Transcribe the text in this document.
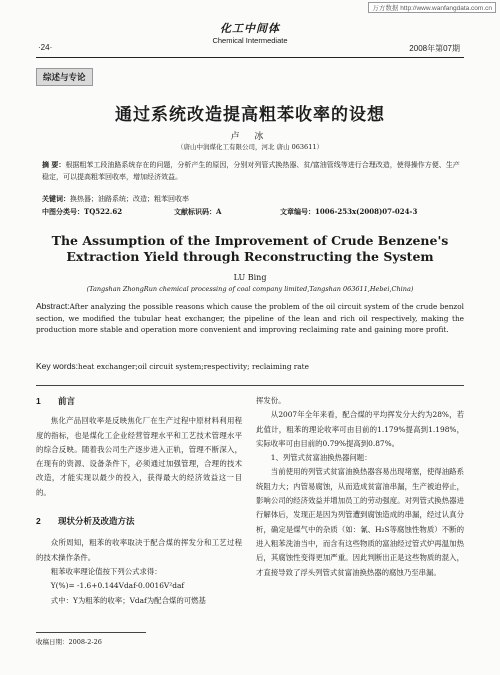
万方数据 http://www.wanfangdata.com.cn
化工中间体
Chemical Intermediate
·24·	2008年第07期
综述与专论
通过系统改造提高粗苯收率的设想
卢 冰
（唐山中润煤化工有限公司，河北 唐山 063611）
摘 要：根据粗苯工段油路系统存在的问题，分析产生的原因，分别对列管式换热器、贫/富油管线等进行合理改造，使得操作方便、生产稳定，可以提高粗苯回收率，增加经济效益。
关键词：换热器；油路系统；改造；粗苯回收率
中图分类号：TQ522.62	文献标识码：A	文章编号：1006-253x(2008)07-024-3
The Assumption of the Improvement of Crude Benzene's Extraction Yield through Reconstructing the System
LU Bing
(Tangshan ZhongRun chemical processing of coal company limited,Tangshan 063611,Hebei,China)
Abstract:After analyzing the possible reasons which cause the problem of the oil circuit system of the crude benzol section, we modified the tubular heat exchanger, the pipeline of the lean and rich oil respectively, making the production more stable and operation more convenient and improving reclaiming rate and gaining more profit.
Key words:heat exchanger;oil circuit system;respectivity; reclaiming rate
1 前言

焦化产品回收率是反映焦化厂在生产过程中原材料利用程度的指标，也是煤化工企业经营管理水平和工艺技术管理水平的综合反映。随着我公司生产逐步进入正轨，管理不断深入，在现有的资源、设备条件下，必须通过加强管理，合理的技术改造，才能实现以最少的投入，获得最大的经济效益这一目的。

2 现状分析及改造方法

众所周知，粗苯的收率取决于配合煤的挥发分和工艺过程的技术操作条件。

粗苯收率理论值按下列公式求得：

Y(%)= -1.6+0.144Vdaf-0.0016V²daf

式中：Y为粗苯的收率；Vdaf为配合煤的可燃基

挥发份。

从2007年全年来看，配合煤的平均挥发分大约为28%，若此值计，粗苯的理论收率可由目前的1.179%提高到1.198%，实际收率可由目前的0.79%提高到0.87%。

1、列管式贫富油换热器问题：

当前使用的列管式贫富油换热器容易出现堵塞，使得油路系统阻力大；内管易腐蚀，从而造成贫富油串漏，生产被迫停止，影响公司的经济效益并增加员工的劳动强度。对列管式换热器进行解体后，发现正是因为列管遭到腐蚀造成的串漏，经过认真分析，确定是煤气中的杂质（如：氰、H₂S等腐蚀性物质）不断的进入粗苯洗油当中，而含有这些物质的富油经过管式炉再温加热后，其腐蚀性变得更加严重。因此判断出正是这些物质的混入，才直接导致了浮头列管式贫富油换热器的腐蚀乃至串漏。

收稿日期：2008-2-26
